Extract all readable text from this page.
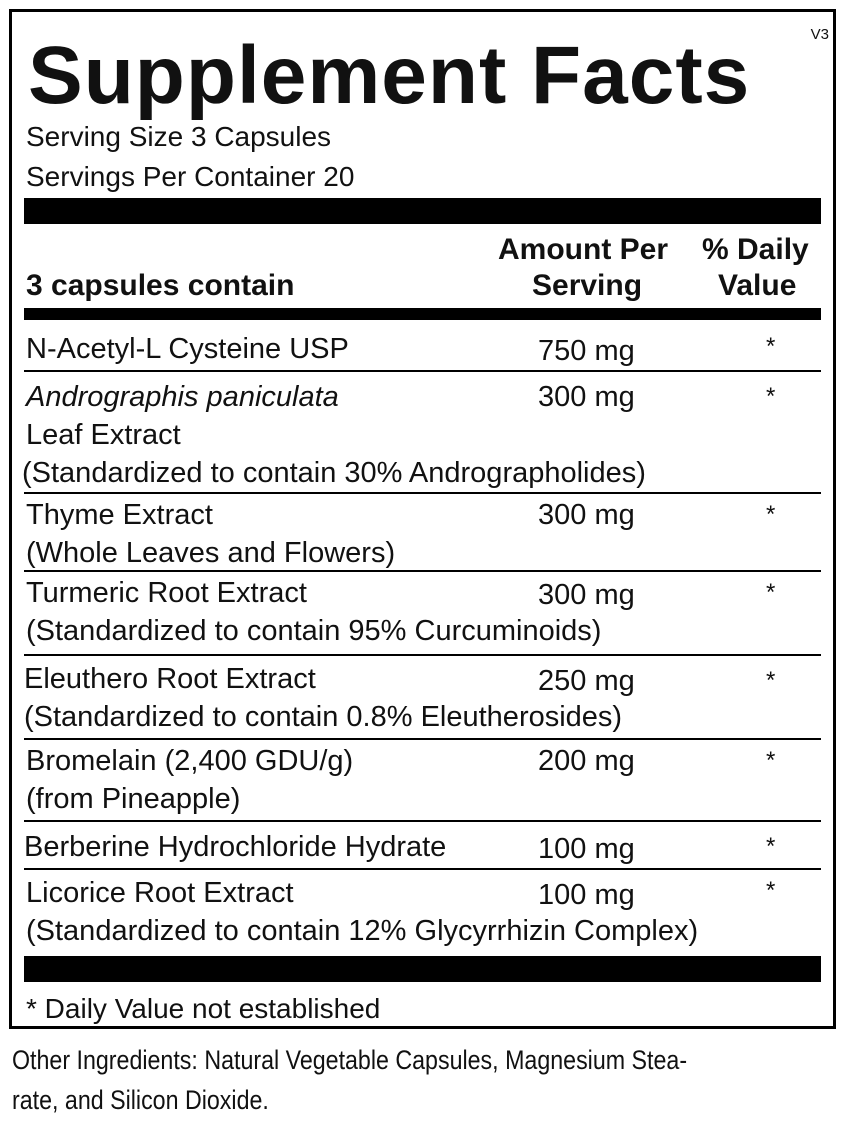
Supplement Facts	V3
Serving Size 3 Capsules
Servings Per Container 20
3 capsules contain
Amount Per
Serving
% Daily
Value
N-Acetyl-L Cysteine USP	750 mg	*
Andrographis paniculata
Leaf Extract
(Standardized to contain 30% Andrographolides)
300 mg	*
Thyme Extract
(Whole Leaves and Flowers)
300 mg	*
Turmeric Root Extract
(Standardized to contain 95% Curcuminoids)
300 mg	*
Eleuthero Root Extract
(Standardized to contain 0.8% Eleutherosides)
250 mg	*
Bromelain (2,400 GDU/g)
(from Pineapple)
200 mg	*
Berberine Hydrochloride Hydrate	100 mg	*
Licorice Root Extract
(Standardized to contain 12% Glycyrrhizin Complex)
100 mg	*
* Daily Value not established
Other Ingredients: Natural Vegetable Capsules, Magnesium Stea-rate, and Silicon Dioxide.
